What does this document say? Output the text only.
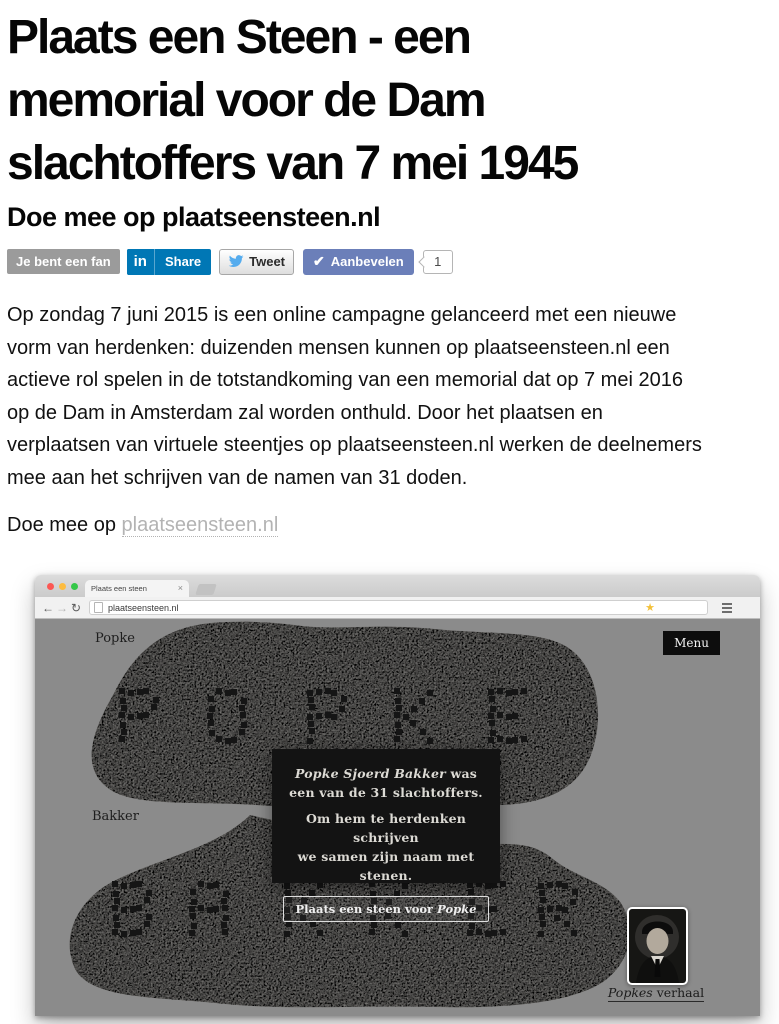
Plaats een Steen - een
memorial voor de Dam
slachtoffers van 7 mei 1945
Doe mee op plaatseensteen.nl
Je bent een fan	in	Share	Tweet ✔ Aanbevelen	1
Op zondag 7 juni 2015 is een online campagne gelanceerd met een nieuwe
vorm van herdenken: duizenden mensen kunnen op plaatseensteen.nl een
actieve rol spelen in de totstandkoming van een memorial dat op 7 mei 2016
op de Dam in Amsterdam zal worden onthuld. Door het plaatsen en
verplaatsen van virtuele steentjes op plaatseensteen.nl werken de deelnemers
mee aan het schrijven van de namen van 31 doden.
Doe mee op plaatseensteen.nl
Plaats een steen	×
← → ↻	plaatseensteen.nl	★
Popke
Bakker
Menu

Popke Sjoerd Bakker was

een van de 31 slachtoffers.

Om hem te herdenken schrijven

we samen zijn naam met stenen.

Plaats een steen voor Popke
Popkes verhaal
